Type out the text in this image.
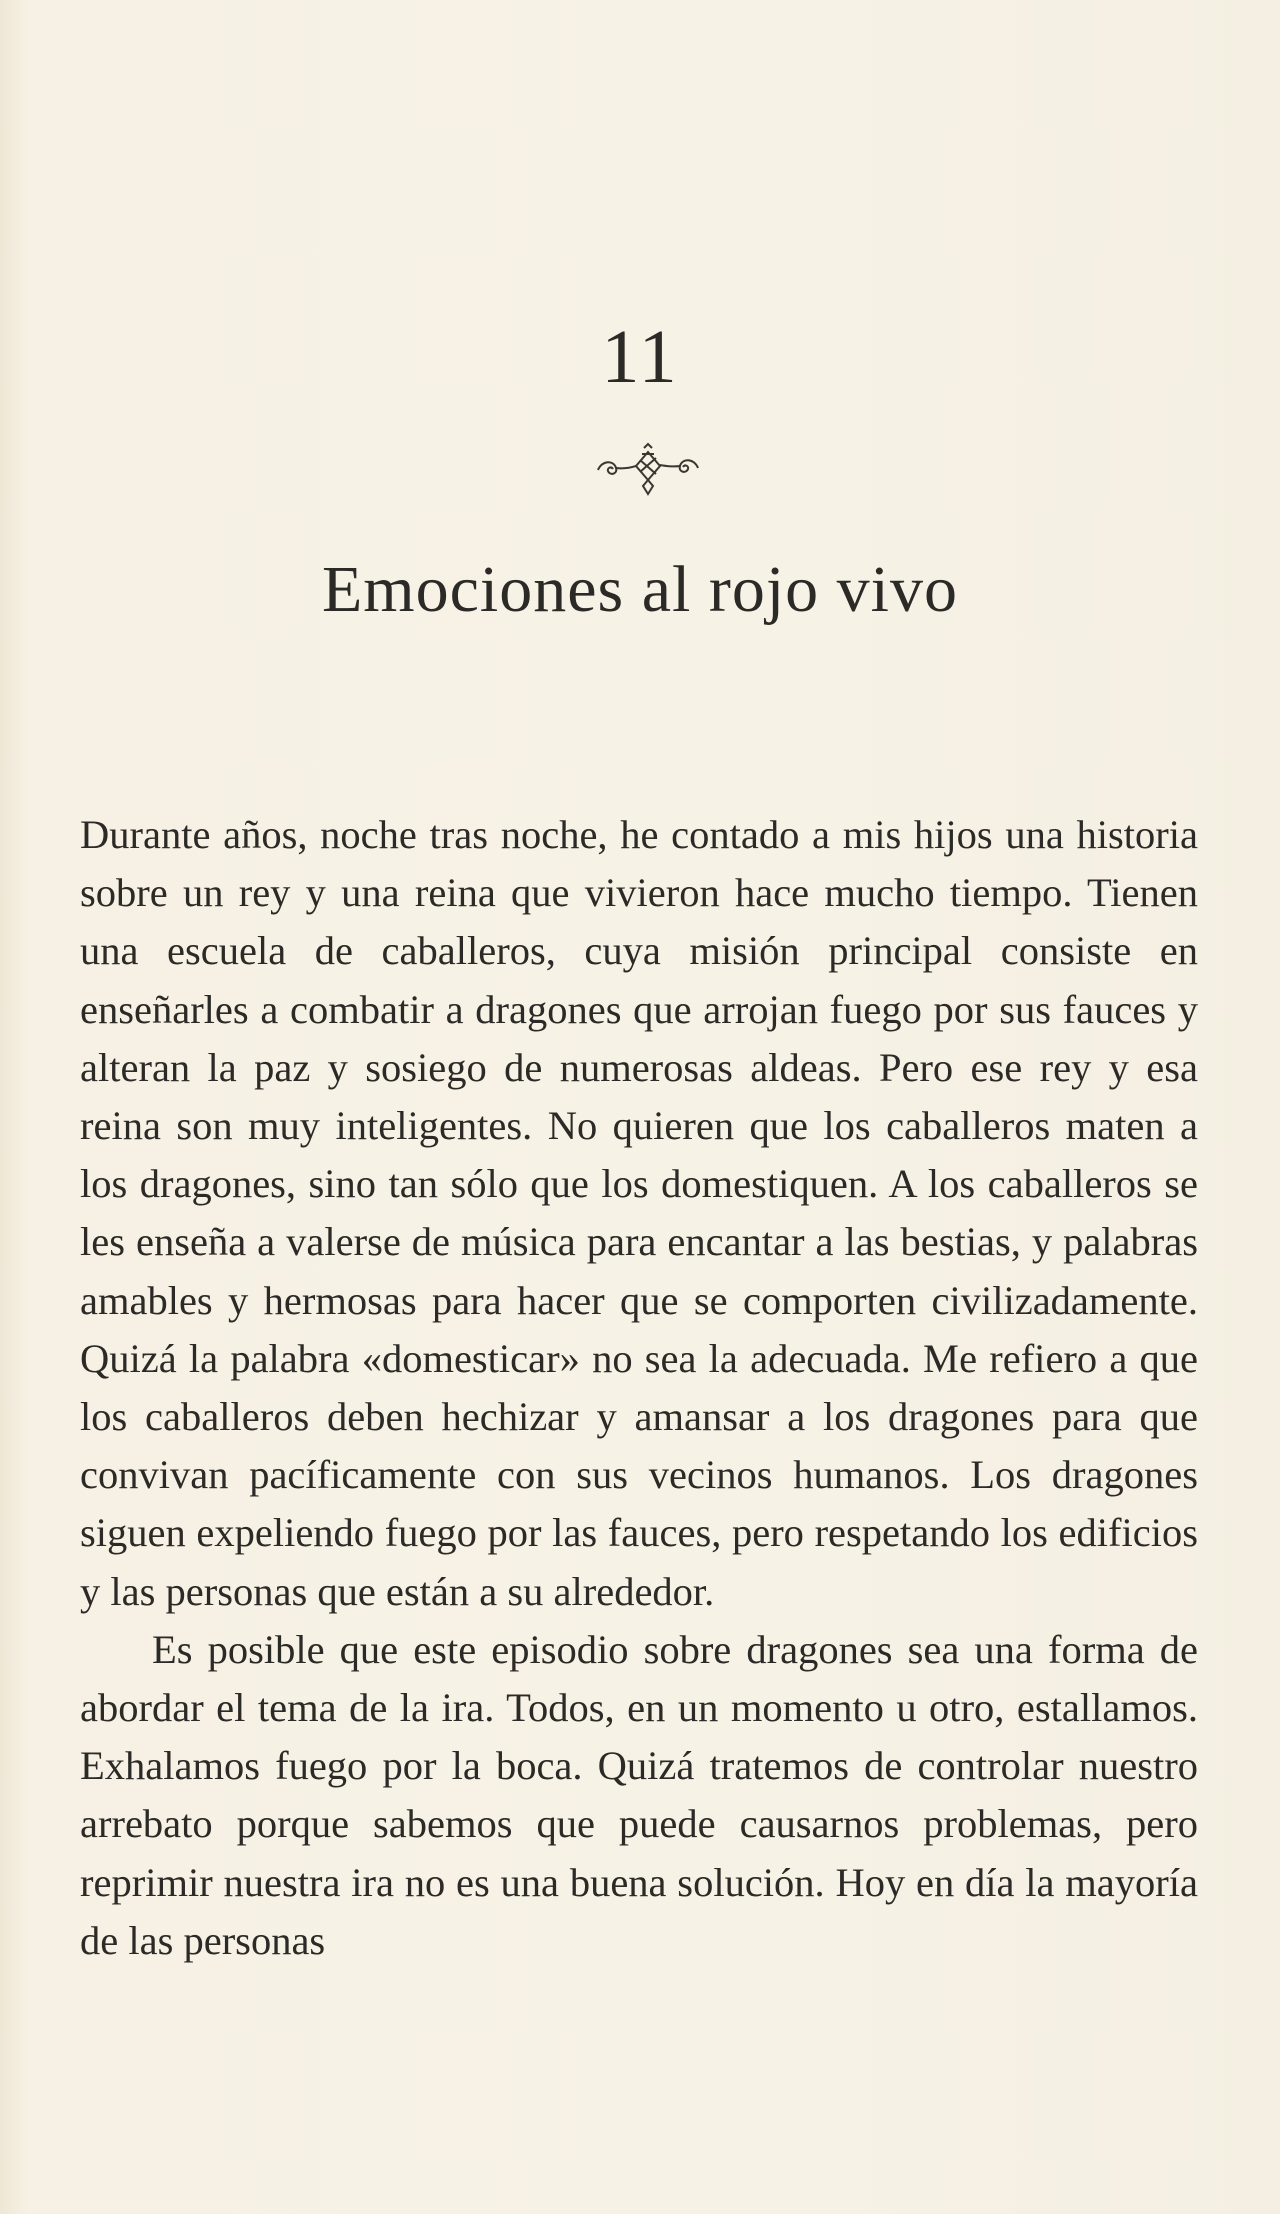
11
Emociones al rojo vivo

Durante años, noche tras noche, he contado a mis hijos una historia sobre un rey y una reina que vivieron hace mucho tiempo. Tienen una escuela de caballeros, cuya misión principal consiste en enseñarles a combatir a dragones que arrojan fuego por sus fauces y alteran la paz y sosiego de numerosas aldeas. Pero ese rey y esa reina son muy inteligentes. No quieren que los caballeros maten a los dragones, sino tan sólo que los domestiquen. A los caballeros se les enseña a valerse de música para encantar a las bestias, y palabras amables y hermosas para hacer que se comporten civilizadamente. Quizá la palabra «domesticar» no sea la adecuada. Me refiero a que los caballeros deben hechizar y amansar a los dragones para que convivan pacíficamente con sus vecinos humanos. Los dragones siguen expeliendo fuego por las fauces, pero respetando los edificios y las personas que están a su alrededor.

Es posible que este episodio sobre dragones sea una forma de abordar el tema de la ira. Todos, en un momento u otro, estallamos. Exhalamos fuego por la boca. Quizá tratemos de controlar nuestro arrebato porque sabemos que puede causarnos problemas, pero reprimir nuestra ira no es una buena solución. Hoy en día la mayoría de las personas
